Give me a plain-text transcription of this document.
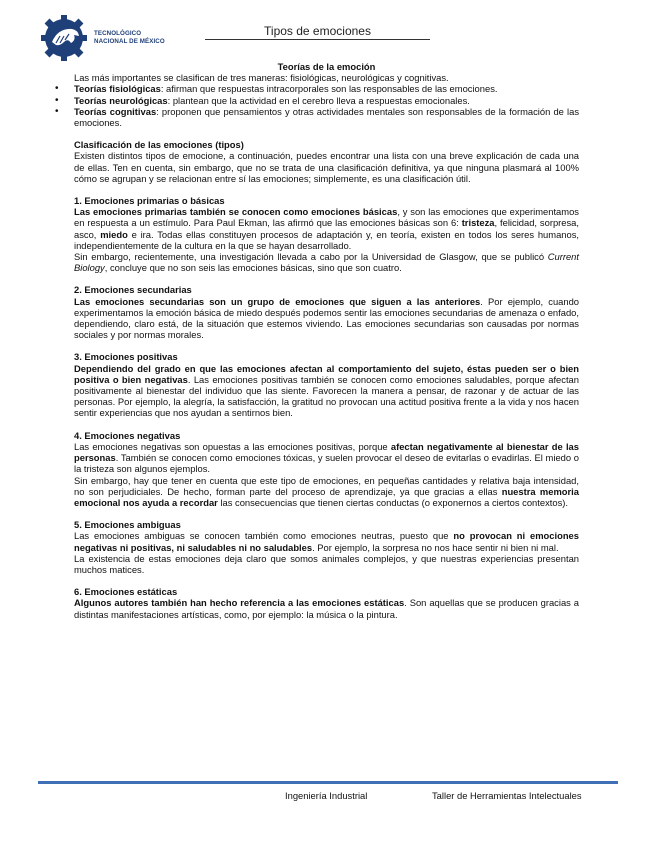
TECNOLÓGICO
NACIONAL DE MÉXICO
Tipos de emociones

Teorías de la emoción

Las más importantes se clasifican de tres maneras: fisiológicas, neurológicas y cognitivas.

• Teorías fisiológicas: afirman que respuestas intracorporales son las responsables de las emociones.
• Teorías neurológicas: plantean que la actividad en el cerebro lleva a respuestas emocionales.
• Teorías cognitivas: proponen que pensamientos y otras actividades mentales son responsables de la formación de las emociones.

Clasificación de las emociones (tipos)

Existen distintos tipos de emocione, a continuación, puedes encontrar una lista con una breve explicación de cada una de ellas. Ten en cuenta, sin embargo, que no se trata de una clasificación definitiva, ya que ninguna plasmará al 100% cómo se agrupan y se relacionan entre sí las emociones; simplemente, es una clasificación útil.

1. Emociones primarias o básicas

Las emociones primarias también se conocen como emociones básicas, y son las emociones que experimentamos en respuesta a un estímulo. Para Paul Ekman, las afirmó que las emociones básicas son 6: tristeza, felicidad, sorpresa, asco, miedo e ira. Todas ellas constituyen procesos de adaptación y, en teoría, existen en todos los seres humanos, independientemente de la cultura en la que se hayan desarrollado.

Sin embargo, recientemente, una investigación llevada a cabo por la Universidad de Glasgow, que se publicó Current Biology, concluye que no son seis las emociones básicas, sino que son cuatro.

2. Emociones secundarias

Las emociones secundarias son un grupo de emociones que siguen a las anteriores. Por ejemplo, cuando experimentamos la emoción básica de miedo después podemos sentir las emociones secundarias de amenaza o enfado, dependiendo, claro está, de la situación que estemos viviendo. Las emociones secundarias son causadas por normas sociales y por normas morales.

3. Emociones positivas

Dependiendo del grado en que las emociones afectan al comportamiento del sujeto, éstas pueden ser o bien positiva o bien negativas. Las emociones positivas también se conocen como emociones saludables, porque afectan positivamente al bienestar del individuo que las siente. Favorecen la manera a pensar, de razonar y de actuar de las personas. Por ejemplo, la alegría, la satisfacción, la gratitud no provocan una actitud positiva frente a la vida y nos hacen sentir experiencias que nos ayudan a sentirnos bien.

4. Emociones negativas

Las emociones negativas son opuestas a las emociones positivas, porque afectan negativamente al bienestar de las personas. También se conocen como emociones tóxicas, y suelen provocar el deseo de evitarlas o evadirlas. El miedo o la tristeza son algunos ejemplos.

Sin embargo, hay que tener en cuenta que este tipo de emociones, en pequeñas cantidades y relativa baja intensidad, no son perjudiciales. De hecho, forman parte del proceso de aprendizaje, ya que gracias a ellas nuestra memoria emocional nos ayuda a recordar las consecuencias que tienen ciertas conductas (o exponernos a ciertos contextos).

5. Emociones ambiguas

Las emociones ambiguas se conocen también como emociones neutras, puesto que no provocan ni emociones negativas ni positivas, ni saludables ni no saludables. Por ejemplo, la sorpresa no nos hace sentir ni bien ni mal.

La existencia de estas emociones deja claro que somos animales complejos, y que nuestras experiencias presentan muchos matices.

6. Emociones estáticas

Algunos autores también han hecho referencia a las emociones estáticas. Son aquellas que se producen gracias a distintas manifestaciones artísticas, como, por ejemplo: la música o la pintura.

Ingeniería Industrial	Taller de Herramientas Intelectuales
